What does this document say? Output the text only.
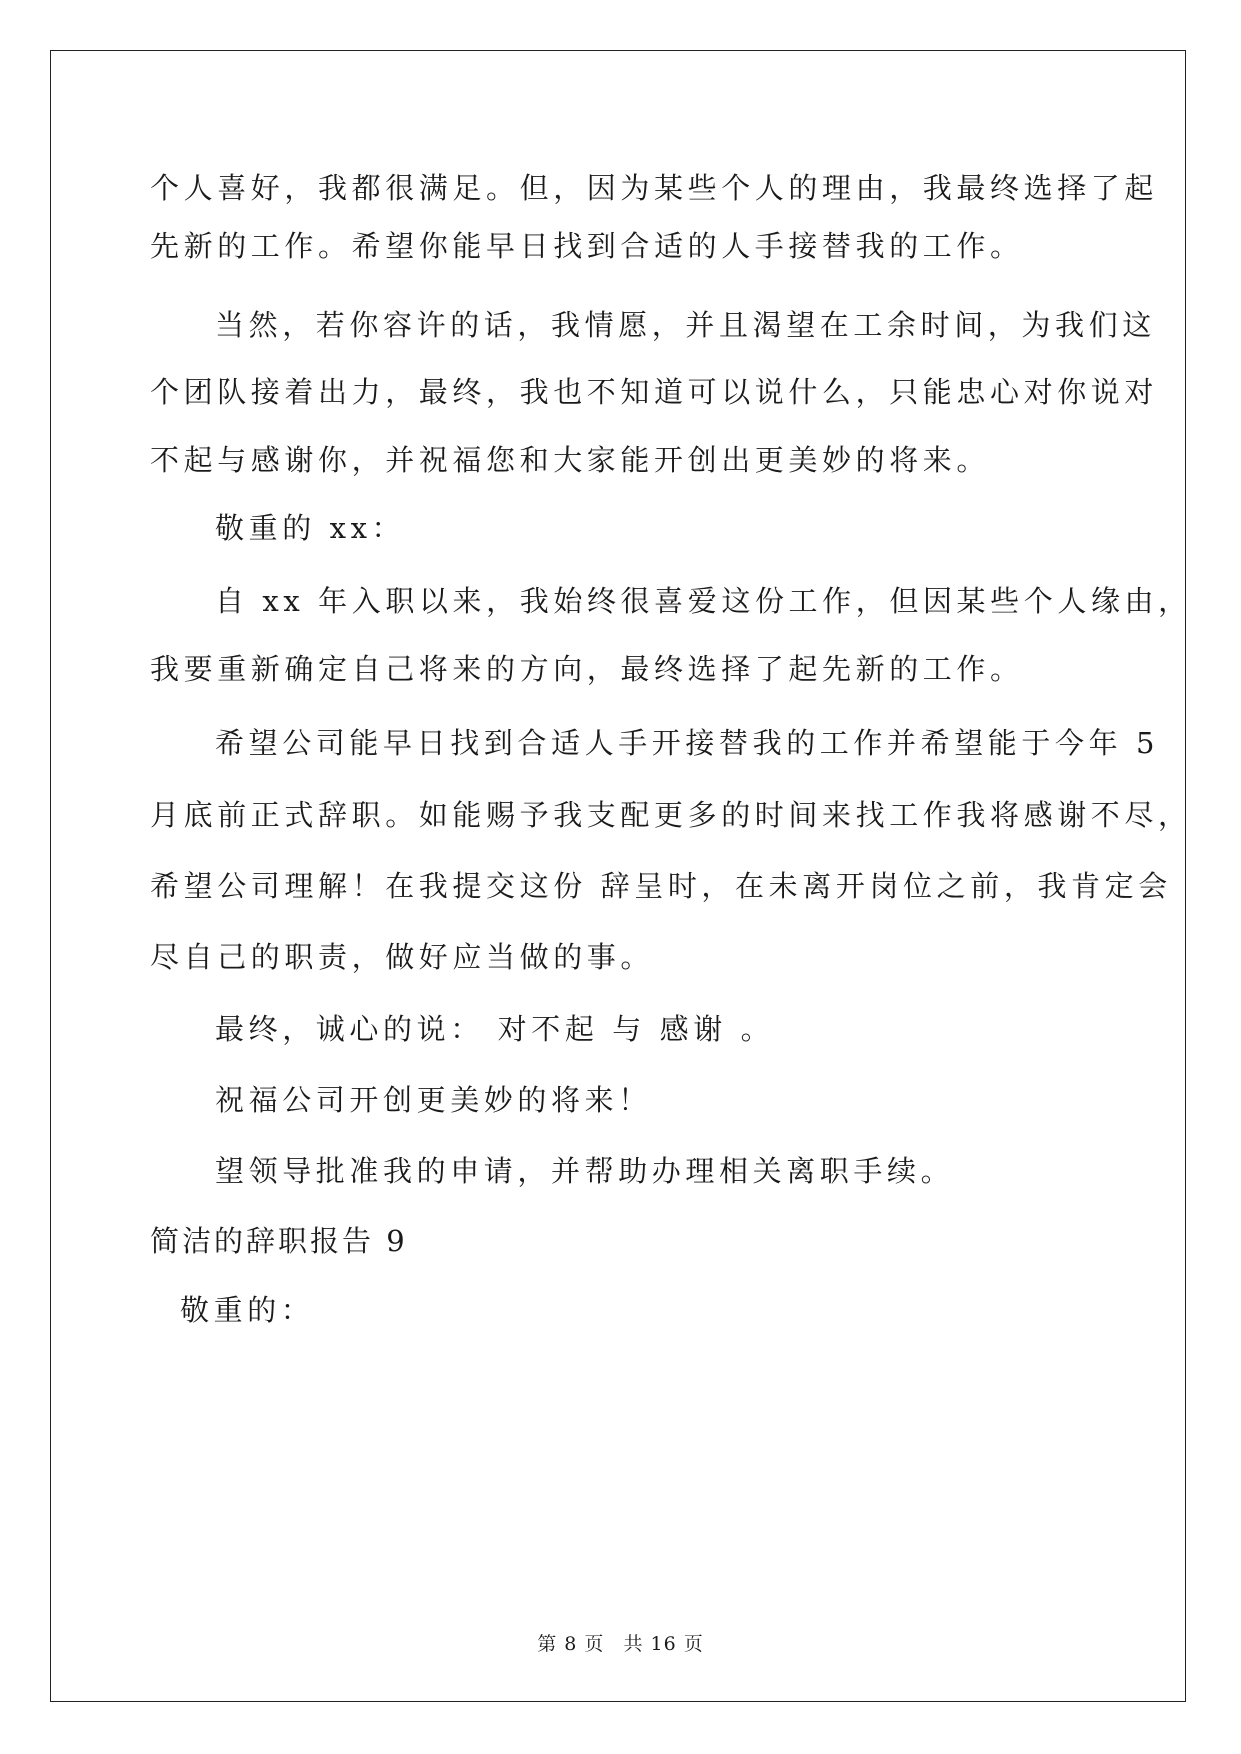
个人喜好，我都很满足。但，因为某些个人的理由，我最终选择了起
先新的工作。希望你能早日找到合适的人手接替我的工作。
当然，若你容许的话，我情愿，并且渴望在工余时间，为我们这
个团队接着出力，最终，我也不知道可以说什么，只能忠心对你说对
不起与感谢你，并祝福您和大家能开创出更美妙的将来。
敬重的 xx：
自 xx 年入职以来，我始终很喜爱这份工作，但因某些个人缘由，
我要重新确定自己将来的方向，最终选择了起先新的工作。
希望公司能早日找到合适人手开接替我的工作并希望能于今年 5
月底前正式辞职。如能赐予我支配更多的时间来找工作我将感谢不尽，
希望公司理解！在我提交这份 辞呈时，在未离开岗位之前，我肯定会
尽自己的职责，做好应当做的事。
最终，诚心的说： 对不起 与 感谢 。
祝福公司开创更美妙的将来！
望领导批准我的申请，并帮助办理相关离职手续。
简洁的辞职报告 9
敬重的：
第 8 页 共 16 页
